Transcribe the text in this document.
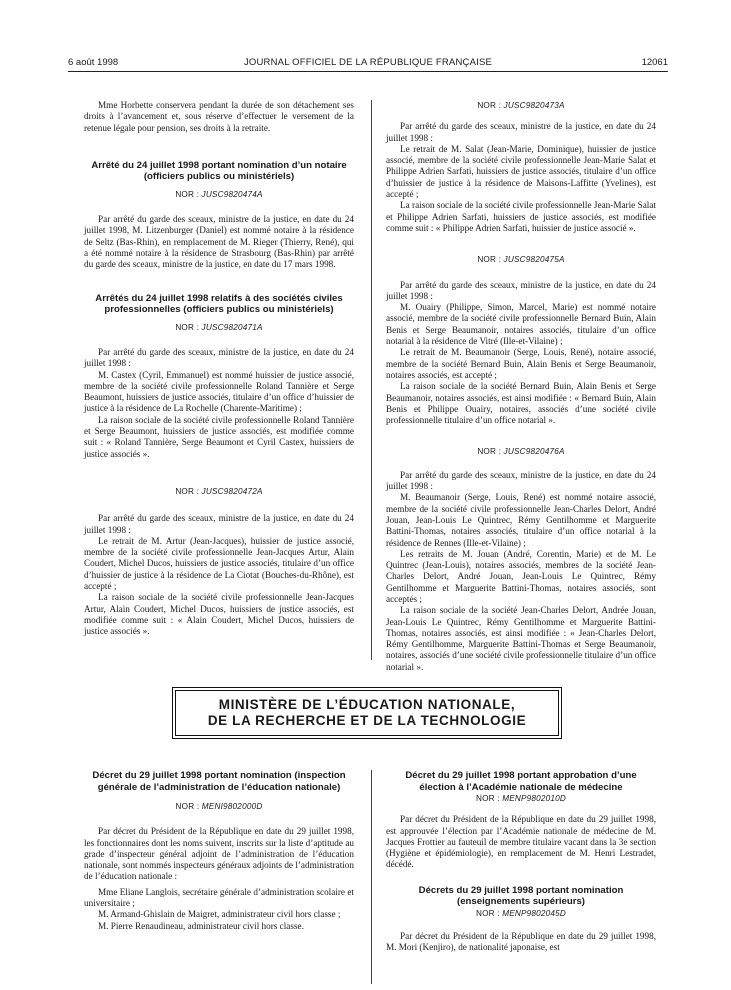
6 août 1998	JOURNAL OFFICIEL DE LA RÉPUBLIQUE FRANÇAISE	12061

Mme Horbette conservera pendant la durée de son détachement ses droits à l’avancement et, sous réserve d’effectuer le versement de la retenue légale pour pension, ses droits à la retraite.

Arrêté du 24 juillet 1998 portant nomination d’un notaire (officiers publics ou ministériels)

NOR : JUSC9820474A

Par arrêté du garde des sceaux, ministre de la justice, en date du 24 juillet 1998, M. Litzenburger (Daniel) est nommé notaire à la résidence de Seltz (Bas-Rhin), en remplacement de M. Rieger (Thierry, René), qui a été nommé notaire à la résidence de Strasbourg (Bas-Rhin) par arrêté du garde des sceaux, ministre de la justice, en date du 17 mars 1998.

Arrêtés du 24 juillet 1998 relatifs à des sociétés civiles professionnelles (officiers publics ou ministériels)

NOR : JUSC9820471A

Par arrêté du garde des sceaux, ministre de la justice, en date du 24 juillet 1998 :

M. Castex (Cyril, Emmanuel) est nommé huissier de justice associé, membre de la société civile professionnelle Roland Tannière et Serge Beaumont, huissiers de justice associés, titulaire d’un office d’huissier de justice à la résidence de La Rochelle (Charente-Maritime) ;

La raison sociale de la société civile professionnelle Roland Tannière et Serge Beaumont, huissiers de justice associés, est modifiée comme suit : « Roland Tannière, Serge Beaumont et Cyril Castex, huissiers de justice associés ».

NOR : JUSC9820472A

Par arrêté du garde des sceaux, ministre de la justice, en date du 24 juillet 1998 :

Le retrait de M. Artur (Jean-Jacques), huissier de justice associé, membre de la société civile professionnelle Jean-Jacques Artur, Alain Coudert, Michel Ducos, huissiers de justice associés, titulaire d’un office d’huissier de justice à la résidence de La Ciotat (Bouches-du-Rhône), est accepté ;

La raison sociale de la société civile professionnelle Jean-Jacques Artur, Alain Coudert, Michel Ducos, huissiers de justice associés, est modifiée comme suit : « Alain Coudert, Michel Ducos, huissiers de justice associés ».

NOR : JUSC9820473A

Par arrêté du garde des sceaux, ministre de la justice, en date du 24 juillet 1998 :

Le retrait de M. Salat (Jean-Marie, Dominique), huissier de justice associé, membre de la société civile professionnelle Jean-Marie Salat et Philippe Adrien Sarfati, huissiers de justice associés, titulaire d’un office d’huissier de justice à la résidence de Maisons-Laffitte (Yvelines), est accepté ;

La raison sociale de la société civile professionnelle Jean-Marie Salat et Philippe Adrien Sarfati, huissiers de justice associés, est modifiée comme suit : « Philippe Adrien Sarfati, huissier de justice associé ».

NOR : JUSC9820475A

Par arrêté du garde des sceaux, ministre de la justice, en date du 24 juillet 1998 :

M. Ouairy (Philippe, Simon, Marcel, Marie) est nommé notaire associé, membre de la société civile professionnelle Bernard Buin, Alain Benis et Serge Beaumanoir, notaires associés, titulaire d’un office notarial à la résidence de Vitré (Ille-et-Vilaine) ;

Le retrait de M. Beaumanoir (Serge, Louis, René), notaire associé, membre de la société Bernard Buin, Alain Benis et Serge Beaumanoir, notaires associés, est accepté ;

La raison sociale de la société Bernard Buin, Alain Benis et Serge Beaumanoir, notaires associés, est ainsi modifiée : « Bernard Buin, Alain Benis et Philippe Ouairy, notaires, associés d’une société civile professionnelle titulaire d’un office notarial ».

NOR : JUSC9820476A

Par arrêté du garde des sceaux, ministre de la justice, en date du 24 juillet 1998 :

M. Beaumanoir (Serge, Louis, René) est nommé notaire associé, membre de la société civile professionnelle Jean-Charles Delort, André Jouan, Jean-Louis Le Quintrec, Rémy Gentilhomme et Marguerite Battini-Thomas, notaires associés, titulaire d’un office notarial à la résidence de Rennes (Ille-et-Vilaine) ;

Les retraits de M. Jouan (André, Corentin, Marie) et de M. Le Quintrec (Jean-Louis), notaires associés, membres de la société Jean-Charles Delort, André Jouan, Jean-Louis Le Quintrec, Rémy Gentilhomme et Marguerite Battini-Thomas, notaires associés, sont acceptés ;

La raison sociale de la société Jean-Charles Delort, Andrée Jouan, Jean-Louis Le Quintrec, Rémy Gentilhomme et Marguerite Battini-Thomas, notaires associés, est ainsi modifiée : « Jean-Charles Delort, Rémy Gentilhomme, Marguerite Battini-Thomas et Serge Beaumanoir, notaires, associés d’une société civile professionnelle titulaire d’un office notarial ».

MINISTÈRE DE L’ÉDUCATION NATIONALE,
DE LA RECHERCHE ET DE LA TECHNOLOGIE

Décret du 29 juillet 1998 portant nomination (inspection générale de l’administration de l’éducation nationale)

NOR : MENI9802000D

Par décret du Président de la République en date du 29 juillet 1998, les fonctionnaires dont les noms suivent, inscrits sur la liste d’aptitude au grade d’inspecteur général adjoint de l’administration de l’éducation nationale, sont nommés inspecteurs généraux adjoints de l’administration de l’éducation nationale :

Mme Eliane Langlois, secrétaire générale d’administration scolaire et universitaire ;

M. Armand-Ghislain de Maigret, administrateur civil hors classe ;

M. Pierre Renaudineau, administrateur civil hors classe.

Décret du 29 juillet 1998 portant approbation d’une élection à l’Académie nationale de médecine

NOR : MENP9802010D

Par décret du Président de la République en date du 29 juillet 1998, est approuvée l’élection par l’Académie nationale de médecine de M. Jacques Frottier au fauteuil de membre titulaire vacant dans la 3e section (Hygiène et épidémiologie), en remplacement de M. Henri Lestradet, décédé.

Décrets du 29 juillet 1998 portant nomination (enseignements supérieurs)

NOR : MENP9802045D

Par décret du Président de la République en date du 29 juillet 1998, M. Mori (Kenjiro), de nationalité japonaise, est
